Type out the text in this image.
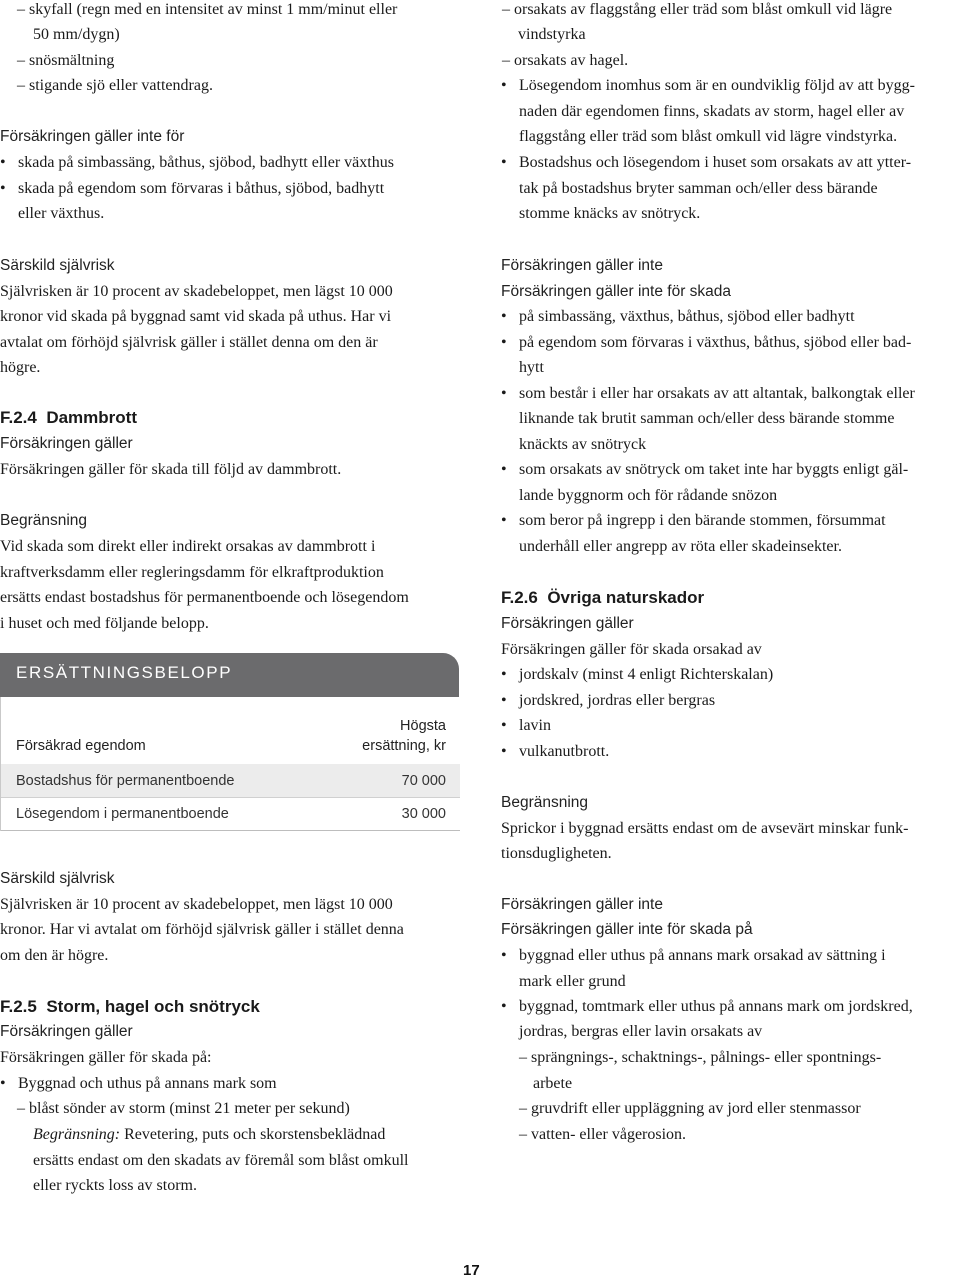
– skyfall (regn med en intensitet av minst 1 mm/minut eller
50 mm/dygn)
– snösmältning
– stigande sjö eller vattendrag.
Försäkringen gäller inte för
• skada på simbassäng, båthus, sjöbod, badhytt eller växthus
• skada på egendom som förvaras i båthus, sjöbod, badhytt
eller växthus.
Särskild självrisk
Självrisken är 10 procent av skadebeloppet, men lägst 10 000
kronor vid skada på byggnad samt vid skada på uthus. Har vi
avtalat om förhöjd självrisk gäller i stället denna om den är
högre.
F.2.4 Dammbrott
Försäkringen gäller
Försäkringen gäller för skada till följd av dammbrott.
Begränsning
Vid skada som direkt eller indirekt orsakas av dammbrott i
kraftverksdamm eller regleringsdamm för elkraftproduktion
ersätts endast bostadshus för permanentboende och lösegendom
i huset och med följande belopp.
ERSÄTTNINGSBELOPP
Försäkrad egendom
Högsta
ersättning, kr
Bostadshus för permanentboende	70 000
Lösegendom i permanentboende	30 000
Särskild självrisk
Självrisken är 10 procent av skadebeloppet, men lägst 10 000
kronor. Har vi avtalat om förhöjd självrisk gäller i stället denna
om den är högre.
F.2.5 Storm, hagel och snötryck
Försäkringen gäller
Försäkringen gäller för skada på:
• Byggnad och uthus på annans mark som
– blåst sönder av storm (minst 21 meter per sekund)
Begränsning: Revetering, puts och skorstensbeklädnad
ersätts endast om den skadats av föremål som blåst omkull
eller ryckts loss av storm.
– orsakats av flaggstång eller träd som blåst omkull vid lägre
vindstyrka
– orsakats av hagel.
• Lösegendom inomhus som är en oundviklig följd av att bygg-
naden där egendomen finns, skadats av storm, hagel eller av
flaggstång eller träd som blåst omkull vid lägre vindstyrka.
• Bostadshus och lösegendom i huset som orsakats av att ytter-
tak på bostadshus bryter samman och/eller dess bärande
stomme knäcks av snötryck.
Försäkringen gäller inte
Försäkringen gäller inte för skada
• på simbassäng, växthus, båthus, sjöbod eller badhytt
• på egendom som förvaras i växthus, båthus, sjöbod eller bad-
hytt
• som består i eller har orsakats av att altantak, balkongtak eller
liknande tak brutit samman och/eller dess bärande stomme
knäckts av snötryck
• som orsakats av snötryck om taket inte har byggts enligt gäl-
lande byggnorm och för rådande snözon
• som beror på ingrepp i den bärande stommen, försummat
underhåll eller angrepp av röta eller skadeinsekter.
F.2.6 Övriga naturskador
Försäkringen gäller
Försäkringen gäller för skada orsakad av
• jordskalv (minst 4 enligt Richterskalan)
• jordskred, jordras eller bergras
• lavin
• vulkanutbrott.
Begränsning
Sprickor i byggnad ersätts endast om de avsevärt minskar funk-
tionsdugligheten.
Försäkringen gäller inte
Försäkringen gäller inte för skada på
• byggnad eller uthus på annans mark orsakad av sättning i
mark eller grund
• byggnad, tomtmark eller uthus på annans mark om jordskred,
jordras, bergras eller lavin orsakats av
– sprängnings-, schaktnings-, pålnings- eller spontnings-
arbete
– gruvdrift eller uppläggning av jord eller stenmassor
– vatten- eller vågerosion.
17
